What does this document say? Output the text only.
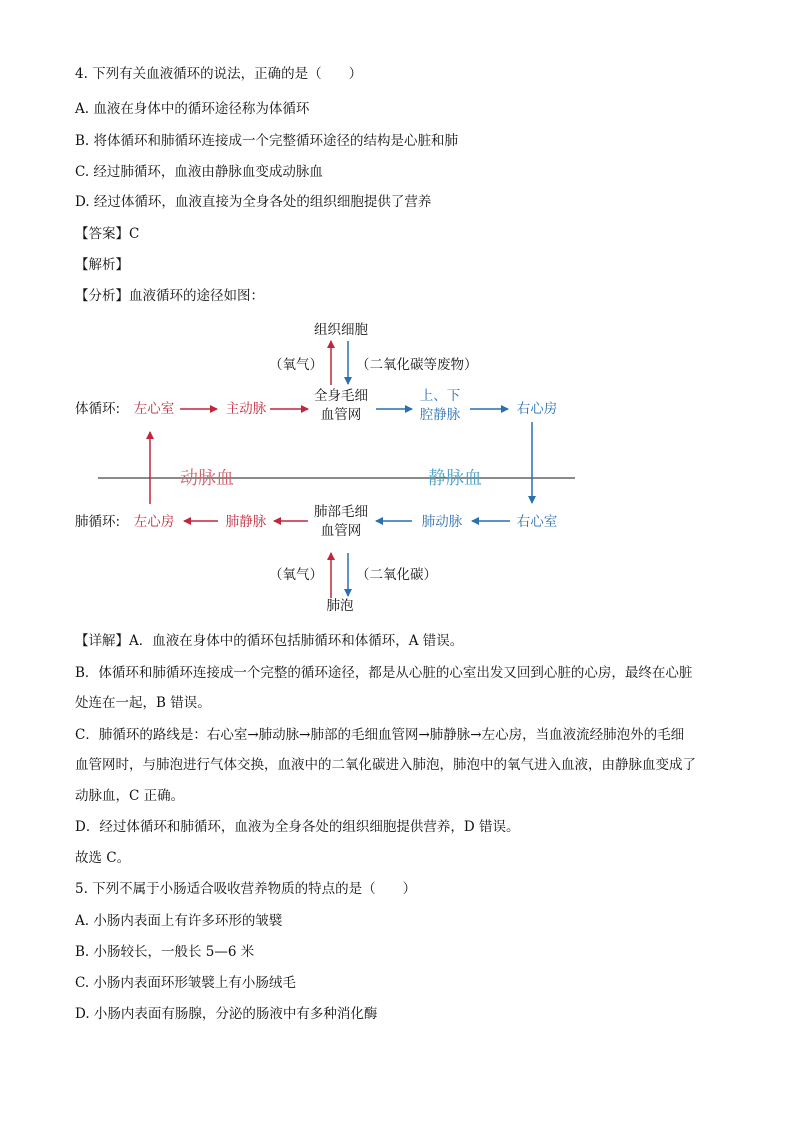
4. 下列有关血液循环的说法，正确的是（　　）
A. 血液在身体中的循环途径称为体循环
B. 将体循环和肺循环连接成一个完整循环途径的结构是心脏和肺
C. 经过肺循环，血液由静脉血变成动脉血
D. 经过体循环，血液直接为全身各处的组织细胞提供了营养
【答案】C
【解析】
【分析】血液循环的途径如图：
组织细胞
（氧气） （二氧化碳等废物）
体循环: 左心室	主动脉
全身毛细
血管网
上、下
腔静脉	右心房
动脉血	静脉血
肺循环: 左心房	肺静脉
肺部毛细
血管网
肺动脉	右心室
（氧气） （二氧化碳）
肺泡
【详解】A．血液在身体中的循环包括肺循环和体循环，A 错误。
B．体循环和肺循环连接成一个完整的循环途径，都是从心脏的心室出发又回到心脏的心房，最终在心脏
处连在一起，B 错误。
C．肺循环的路线是：右心室→肺动脉→肺部的毛细血管网→肺静脉→左心房，当血液流经肺泡外的毛细
血管网时，与肺泡进行气体交换，血液中的二氧化碳进入肺泡，肺泡中的氧气进入血液，由静脉血变成了
动脉血，C 正确。
D．经过体循环和肺循环，血液为全身各处的组织细胞提供营养，D 错误。
故选 C。
5. 下列不属于小肠适合吸收营养物质的特点的是（　　）
A. 小肠内表面上有许多环形的皱襞
B. 小肠较长，一般长 5—6 米
C. 小肠内表面环形皱襞上有小肠绒毛
D. 小肠内表面有肠腺，分泌的肠液中有多种消化酶
